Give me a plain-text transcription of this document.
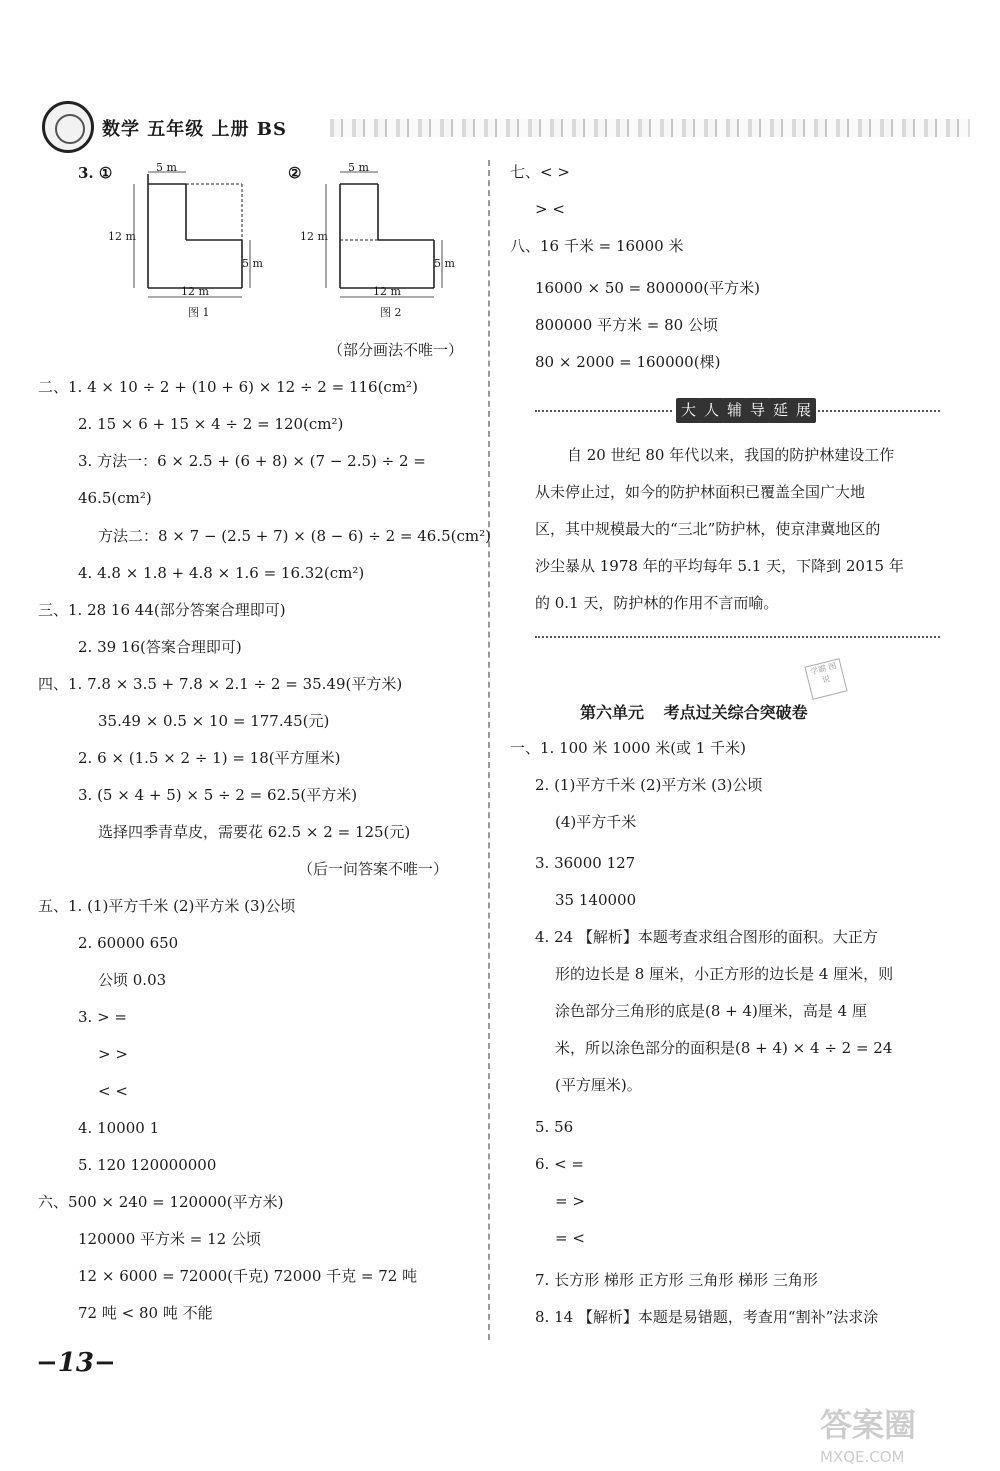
数学 五年级 上册 BS
3. ①	②
5 m
12 m
5 m
12 m
图 1
5 m
12 m
5 m
12 m
图 2
（部分画法不唯一）
二、1. 4 × 10 ÷ 2 + (10 + 6) × 12 ÷ 2 = 116(cm²)
2. 15 × 6 + 15 × 4 ÷ 2 = 120(cm²)
3. 方法一：6 × 2.5 + (6 + 8) × (7 − 2.5) ÷ 2 =
46.5(cm²)
方法二：8 × 7 − (2.5 + 7) × (8 − 6) ÷ 2 = 46.5(cm²)
4. 4.8 × 1.8 + 4.8 × 1.6 = 16.32(cm²)
三、1. 28 16 44(部分答案合理即可)
2. 39 16(答案合理即可)
四、1. 7.8 × 3.5 + 7.8 × 2.1 ÷ 2 = 35.49(平方米)
35.49 × 0.5 × 10 = 177.45(元)
2. 6 × (1.5 × 2 ÷ 1) = 18(平方厘米)
3. (5 × 4 + 5) × 5 ÷ 2 = 62.5(平方米)
选择四季青草皮，需要花 62.5 × 2 = 125(元)
（后一问答案不唯一）
五、1. (1)平方千米 (2)平方米 (3)公顷
2. 60000 650
公顷 0.03
3. > =
> >
< <
4. 10000 1
5. 120 120000000
六、500 × 240 = 120000(平方米)
120000 平方米 = 12 公顷
12 × 6000 = 72000(千克) 72000 千克 = 72 吨
72 吨 < 80 吨 不能
七、< >
> <
八、16 千米 = 16000 米
16000 × 50 = 800000(平方米)
800000 平方米 = 80 公顷
80 × 2000 = 160000(棵)
大 人 辅 导 延 展
自 20 世纪 80 年代以来，我国的防护林建设工作
从未停止过，如今的防护林面积已覆盖全国广大地
区，其中规模最大的“三北”防护林，使京津冀地区的
沙尘暴从 1978 年的平均每年 5.1 天，下降到 2015 年
的 0.1 天，防护林的作用不言而喻。
学霸 图说
第六单元 考点过关综合突破卷
一、1. 100 米 1000 米(或 1 千米)
2. (1)平方千米 (2)平方米 (3)公顷
(4)平方千米
3. 36000 127
35 140000
4. 24 【解析】本题考查求组合图形的面积。大正方
形的边长是 8 厘米，小正方形的边长是 4 厘米，则
涂色部分三角形的底是(8 + 4)厘米，高是 4 厘
米，所以涂色部分的面积是(8 + 4) × 4 ÷ 2 = 24
(平方厘米)。
5. 56
6. < =
= >
= <
7. 长方形 梯形 正方形 三角形 梯形 三角形
8. 14 【解析】本题是易错题，考查用“割补”法求涂
−13−
答案圈
MXQE.COM
